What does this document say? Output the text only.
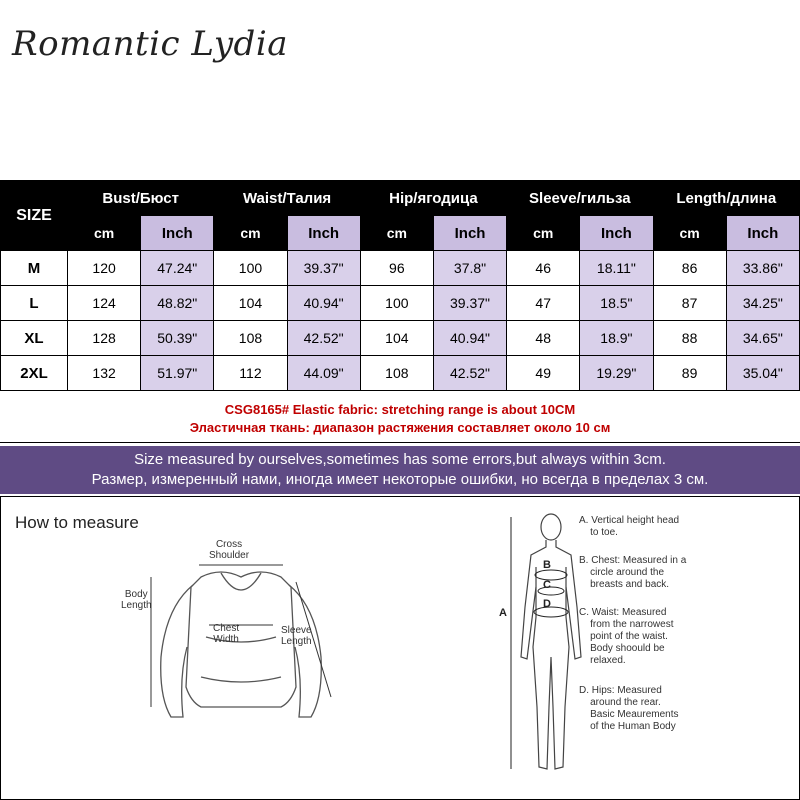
Romantic Lydia
SIZE	Bust/Бюст		Waist/Талия		Hip/ягодица		Sleeve/гильза		Length/длина	
	cm	Inch	cm	Inch	cm	Inch	cm	Inch	cm	Inch
M	120	47.24"	100	39.37"	96	37.8"	46	18.11"	86	33.86"
L	124	48.82"	104	40.94"	100	39.37"	47	18.5"	87	34.25"
XL	128	50.39"	108	42.52"	104	40.94"	48	18.9"	88	34.65"
2XL	132	51.97"	112	44.09"	108	42.52"	49	19.29"	89	35.04"
CSG8165# Elastic fabric: stretching range is about 10CM
Эластичная ткань: диапазон растяжения составляет около 10 см
Size measured by ourselves,sometimes has some errors,but always within 3cm.
Размер, измеренный нами, иногда имеет некоторые ошибки, но всегда в пределах 3 см.
How to measure
Cross
Shoulder
Body
Length
Chest
Width
Sleeve
Length
B
C
D
A
A. Vertical height head
to toe.
B. Chest: Measured in a
circle around the
breasts and back.
C. Waist: Measured
from the narrowest
point of the waist.
Body shoould be
relaxed.
D. Hips: Measured
around the rear.
Basic Meaurements
of the Human Body
